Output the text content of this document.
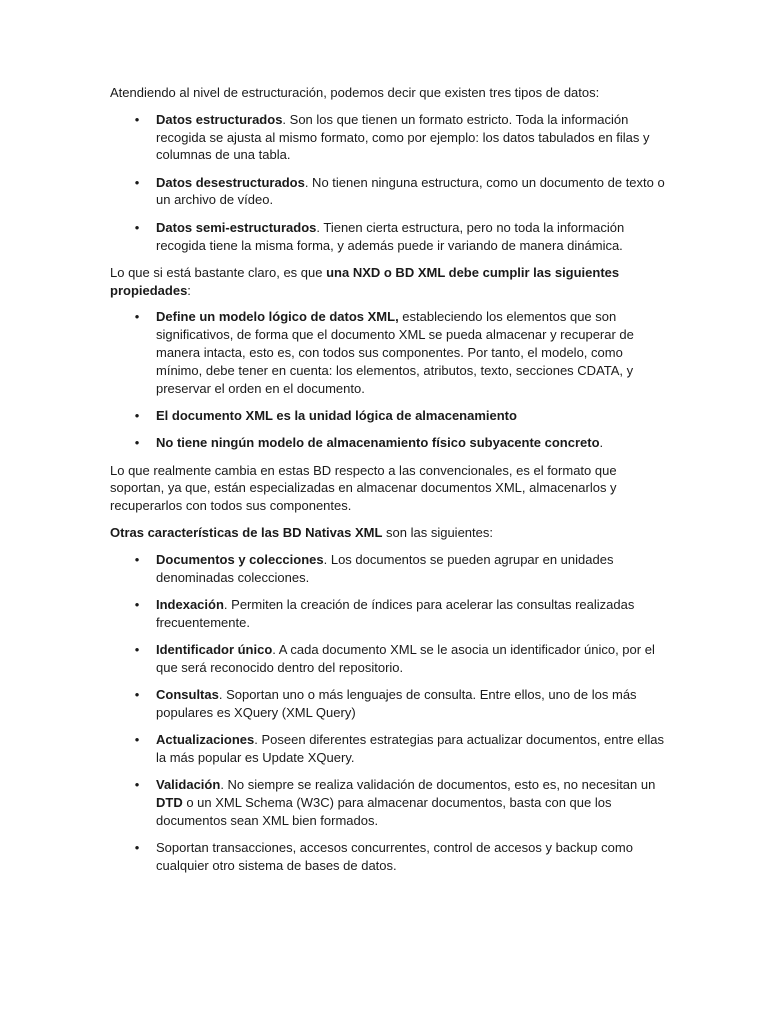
Atendiendo al nivel de estructuración, podemos decir que existen tres tipos de datos:

• Datos estructurados. Son los que tienen un formato estricto. Toda la información recogida se ajusta al mismo formato, como por ejemplo: los datos tabulados en filas y columnas de una tabla.
• Datos desestructurados. No tienen ninguna estructura, como un documento de texto o un archivo de vídeo.
• Datos semi-estructurados. Tienen cierta estructura, pero no toda la información recogida tiene la misma forma, y además puede ir variando de manera dinámica.

Lo que si está bastante claro, es que una NXD o BD XML debe cumplir las siguientes propiedades:

• Define un modelo lógico de datos XML, estableciendo los elementos que son significativos, de forma que el documento XML se pueda almacenar y recuperar de manera intacta, esto es, con todos sus componentes. Por tanto, el modelo, como mínimo, debe tener en cuenta: los elementos, atributos, texto, secciones CDATA, y preservar el orden en el documento.
• El documento XML es la unidad lógica de almacenamiento
• No tiene ningún modelo de almacenamiento físico subyacente concreto.

Lo que realmente cambia en estas BD respecto a las convencionales, es el formato que soportan, ya que, están especializadas en almacenar documentos XML, almacenarlos y recuperarlos con todos sus componentes.

Otras características de las BD Nativas XML son las siguientes:

• Documentos y colecciones. Los documentos se pueden agrupar en unidades denominadas colecciones.
• Indexación. Permiten la creación de índices para acelerar las consultas realizadas frecuentemente.
• Identificador único. A cada documento XML se le asocia un identificador único, por el que será reconocido dentro del repositorio.
• Consultas. Soportan uno o más lenguajes de consulta. Entre ellos, uno de los más populares es XQuery (XML Query)
• Actualizaciones. Poseen diferentes estrategias para actualizar documentos, entre ellas la más popular es Update XQuery.
• Validación. No siempre se realiza validación de documentos, esto es, no necesitan un DTD o un XML Schema (W3C) para almacenar documentos, basta con que los documentos sean XML bien formados.
• Soportan transacciones, accesos concurrentes, control de accesos y backup como cualquier otro sistema de bases de datos.
